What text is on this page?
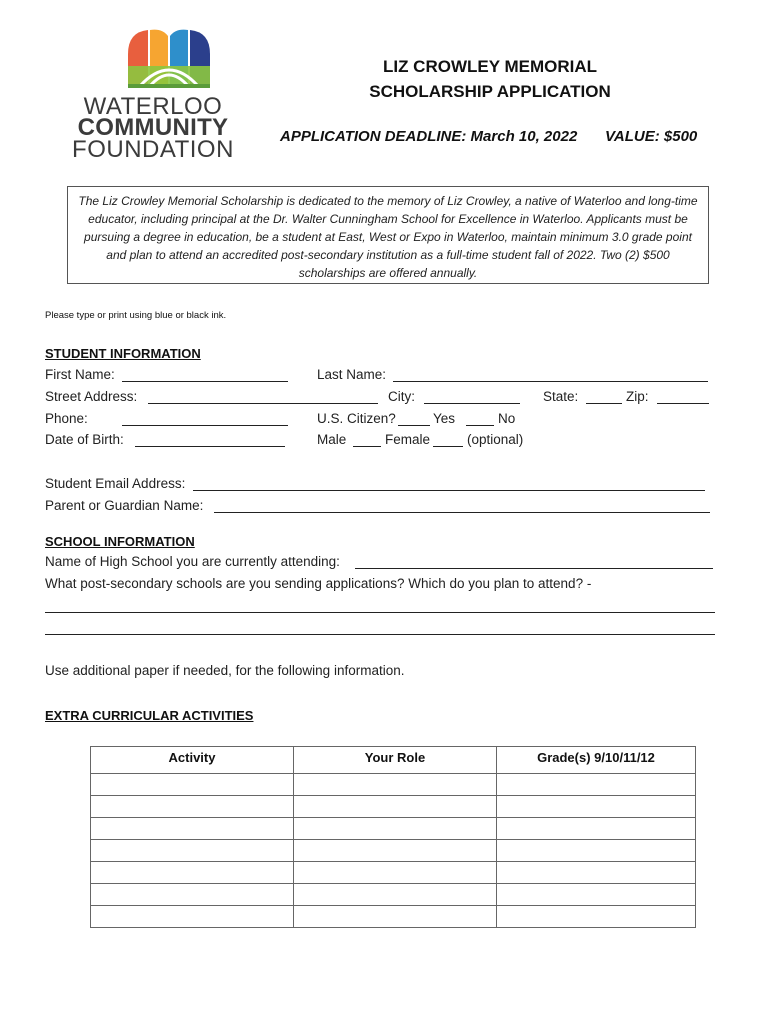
WATERLOO
COMMUNITY
FOUNDATION
LIZ CROWLEY MEMORIAL
SCHOLARSHIP APPLICATION
APPLICATION DEADLINE: March 10, 2022 VALUE: $500
The Liz Crowley Memorial Scholarship is dedicated to the memory of Liz Crowley, a native of Waterloo and long-time educator, including principal at the Dr. Walter Cunningham School for Excellence in Waterloo. Applicants must be pursuing a degree in education, be a student at East, West or Expo in Waterloo, maintain minimum 3.0 grade point and plan to attend an accredited post-secondary institution as a full-time student fall of 2022. Two (2) $500 scholarships are offered annually.
Please type or print using blue or black ink.
STUDENT INFORMATION
First Name:	Last Name:
Street Address:	City:	State:	Zip:
Phone:	U.S. Citizen?	Yes	No
Date of Birth:	Male	Female	(optional)
Student Email Address:
Parent or Guardian Name:
SCHOOL INFORMATION
Name of High School you are currently attending:
What post-secondary schools are you sending applications? Which do you plan to attend? -
Use additional paper if needed, for the following information.
EXTRA CURRICULAR ACTIVITIES
Activity	Your Role	Grade(s) 9/10/11/12
